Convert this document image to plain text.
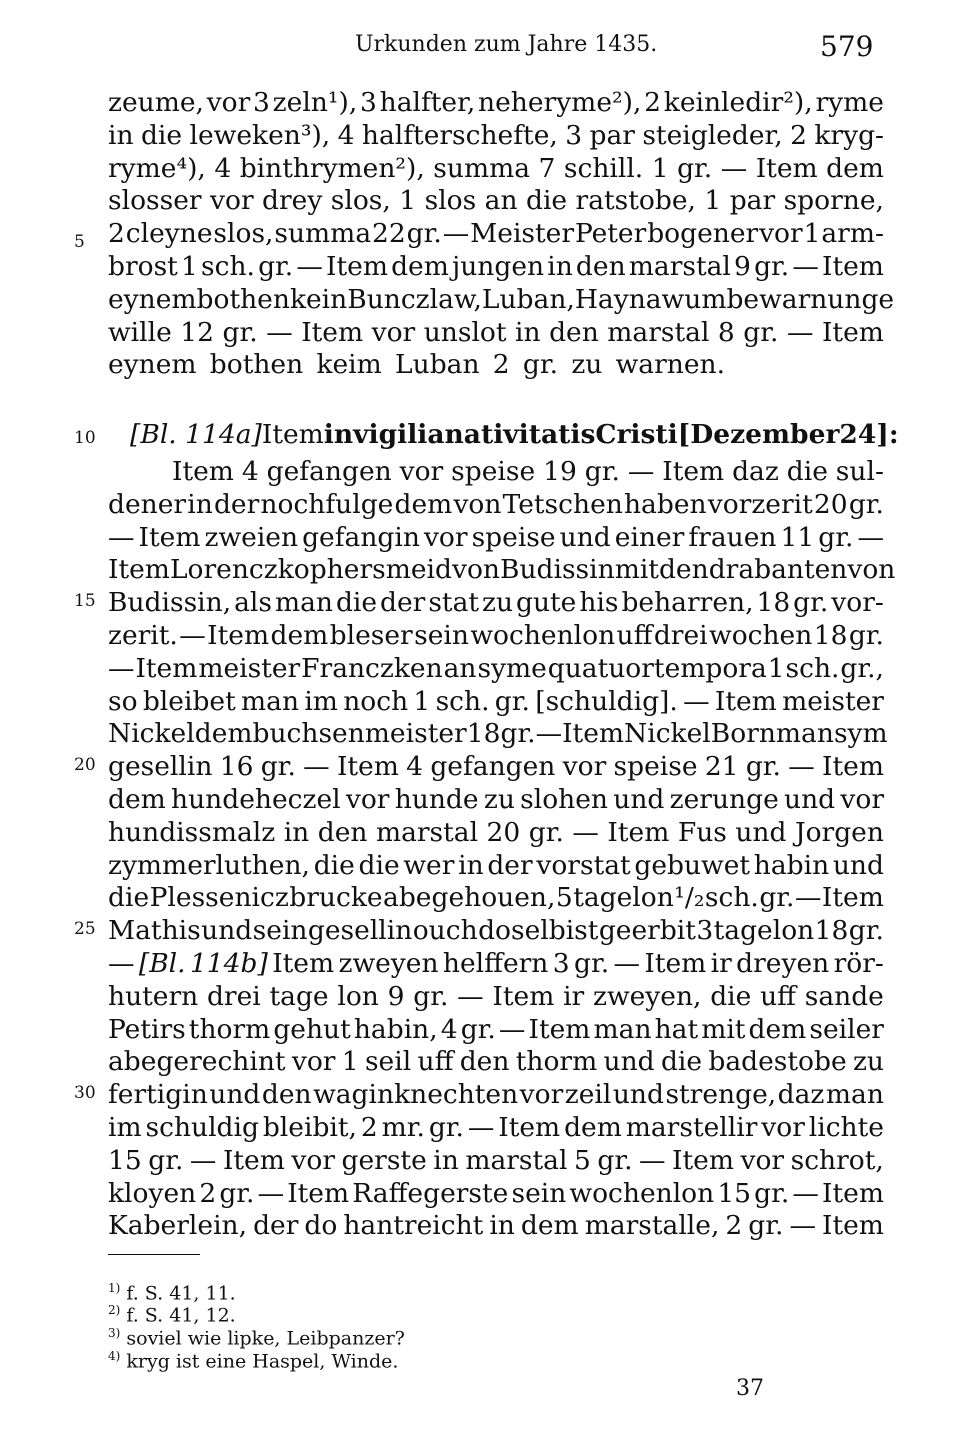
Urkunden zum Jahre 1435.	579
zeume, vor 3 zeln¹), 3 halfter, neheryme²), 2 keinledir²), ryme
in die leweken³), 4 halfterschefte, 3 par steigleder, 2 kryg-
ryme⁴), 4 binthrymen²), summa 7 schill. 1 gr. — Item dem
slosser vor drey slos, 1 slos an die ratstobe, 1 par sporne,
2 cleyne slos, summa 22 gr. — Meister Peter bogener vor 1 arm-
brost 1 sch. gr. — Item dem jungen in den marstal 9 gr. — Item
eynem bothen kein Bunczlaw, Luban, Haynaw umbe warnunge
wille 12 gr. — Item vor unslot in den marstal 8 gr. — Item
eynem bothen keim Luban 2 gr. zu warnen.
Item 4 gefangen vor speise 19 gr. — Item daz die sul-
dener in der nochfulge dem von Tetschen haben vorzerit 20 gr.
— Item zweien gefangin vor speise und einer frauen 11 gr. —
Item Lorencz kophersmeid von Budissin mit den drabanten von
Budissin, als man die der stat zu gute his beharren, 18 gr. vor-
zerit. — Item dem bleser sein wochenlon uff drei wochen 18 gr.
— Item meister Franczken an syme quatuortempora 1 sch. gr.,
so bleibet man im noch 1 sch. gr. [schuldig]. — Item meister
Nickel dem buchsenmeister 18 gr. — Item Nickel Bornman sym
gesellin 16 gr. — Item 4 gefangen vor speise 21 gr. — Item
dem hundeheczel vor hunde zu slohen und zerunge und vor
hundissmalz in den marstal 20 gr. — Item Fus und Jorgen
zymmerluthen, die die wer in der vorstat gebuwet habin und
die Plessenicz brucke abegehouen, 5 tagelon ¹/₂ sch. gr. — Item
Mathis und sein gesellin ouch doselbist geerbit 3 tagelon 18 gr.
— [Bl. 114b] Item zweyen helffern 3 gr. — Item ir dreyen rör-
hutern drei tage lon 9 gr. — Item ir zweyen, die uff sande
Petirs thorm gehut habin, 4 gr. — Item man hat mit dem seiler
abegerechint vor 1 seil uff den thorm und die badestobe zu
fertigin und den waginknechten vor zeil und strenge, daz man
im schuldig bleibit, 2 mr. gr. — Item dem marstellir vor lichte
15 gr. — Item vor gerste in marstal 5 gr. — Item vor schrot,
kloyen 2 gr. — Item Raffegerste sein wochenlon 15 gr. — Item
Kaberlein, der do hantreicht in dem marstalle, 2 gr. — Item
[Bl. 114a] Item in vigilia nativitatis Cristi [Dezember 24]:
5
10
15
20
25
30
$^{1)}$ f. S. 41, 11.
$^{2)}$ f. S. 41, 12.
$^{3)}$ soviel wie lipke, Leibpanzer?
$^{4)}$ kryg ist eine Haspel, Winde.
37
